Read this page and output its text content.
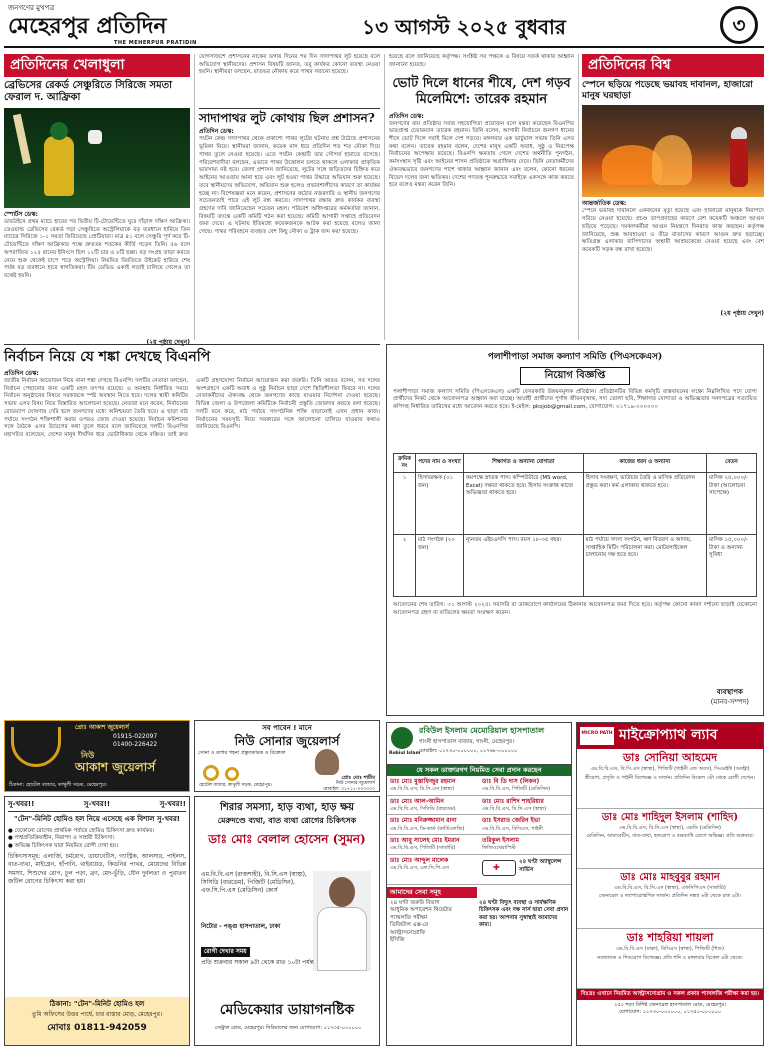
জনগণের মুখপত্র
মেহেরপুর প্রতিদিন
THE MEHERPUR PRATIDIN
১৩ আগস্ট ২০২৫ বুধবার	৩
প্রতিদিনের খেলাধুলা
ব্রেভিসের রেকর্ড সেঞ্চুরিতে সিরিজে সমতা ফেরাল দ. আফ্রিকা
স্পোর্টস ডেস্ক:
ডারউইনে প্রথম ম্যাচে হারের পর দ্বিতীয় টি-টোয়েন্টিতে ঘুরে দাঁড়াল দক্ষিণ আফ্রিকা। ডেওয়াল্ড ব্রেভিসের রেকর্ড গড়া সেঞ্চুরিতে অস্ট্রেলিয়াকে বড় ব্যবধানে হারিয়ে তিন ম্যাচের সিরিজে ১-১ সমতা ফিরিয়েছে প্রোটিয়ারা। মাত্র ৪১ বলে সেঞ্চুরি পূর্ণ করে টি-টোয়েন্টিতে দক্ষিণ আফ্রিকার পক্ষে দ্রুততম শতকের কীর্তি গড়েন তিনি। ৫৬ বলে অপরাজিত ১২৫ রানের ইনিংসে ছিল ১২টি চার ও ৮টি ছক্কা। বড় সংগ্রহ তাড়া করতে নেমে শুরু থেকেই চাপে পড়ে অস্ট্রেলিয়া। নিয়মিত বিরতিতে উইকেট হারিয়ে শেষ পর্যন্ত বড় ব্যবধানে হারে স্বাগতিকরা। টিম ডেভিড একাই লড়াই চালিয়ে গেলেও তা যথেষ্ট হয়নি।
(২য় পৃষ্ঠায় দেখুন)
যোগসাজশে প্রশাসনের নাকের ডগায় দিনের পর দিন সাদাপাথর লুট হয়েছে বলে অভিযোগ স্থানীয়দের। প্রশাসন বিষয়টি জানত, তবু কার্যকর কোনো ব্যবস্থা নেওয়া হয়নি। স্থানীয়রা বলছেন, রাতভর নৌকায় করে পাথর সরানো হয়েছে।
সাদাপাথর লুট কোথায় ছিল প্রশাসন?
প্রতিদিন ডেস্ক:
পর্যটন কেন্দ্র সাদাপাথর থেকে প্রকাশ্যে পাথর লুটের ঘটনায় প্রশ্ন উঠেছে প্রশাসনের ভূমিকা নিয়ে। স্থানীয়রা জানান, কয়েক মাস ধরে প্রতিদিন শত শত নৌকা দিয়ে পাথর তুলে নেওয়া হয়েছে। এতে পর্যটন কেন্দ্রটি তার সৌন্দর্য হারাতে বসেছে। পরিবেশবাদীরা বলছেন, এভাবে পাথর উত্তোলন চলতে থাকলে এলাকার প্রাকৃতিক ভারসাম্য নষ্ট হবে। জেলা প্রশাসন জানিয়েছে, লুটের সঙ্গে জড়িতদের চিহ্নিত করে আইনের আওতায় আনা হবে এবং লুট হওয়া পাথর উদ্ধারে অভিযান শুরু হয়েছে। তবে স্থানীয়দের অভিযোগ, অভিযান শুরু হলেও প্রভাবশালীদের কারণে তা কার্যকর হচ্ছে না। বিশেষজ্ঞরা মনে করেন, প্রশাসনের কঠোর নজরদারি ও স্থানীয় জনগণের সচেতনতাই পারে এই লুট বন্ধ করতে। সাদাপাথর রক্ষায় দ্রুত কার্যকর ব্যবস্থা গ্রহণের দাবি জানিয়েছেন সচেতন মহল। পরিবেশ অধিদপ্তরের কর্মকর্তারা জানান, বিষয়টি তদন্তে একটি কমিটি গঠন করা হয়েছে। কমিটি আগামী সপ্তাহে প্রতিবেদন জমা দেবে। এ ঘটনায় ইতিমধ্যে কয়েকজনকে আটক করা হয়েছে বলেও জানা গেছে। পাথর পরিবহনে ব্যবহৃত বেশ কিছু নৌকা ও ট্রাক জব্দ করা হয়েছে।
হয়েছে বলে জানিয়েছে কর্তৃপক্ষ। সংশ্লিষ্ট সব পক্ষকে এ বিষয়ে সতর্ক থাকার আহ্বান জানানো হয়েছে।
ভোট দিলে ধানের শীষে, দেশ গড়ব মিলেমিশে: তারেক রহমান
প্রতিদিন ডেস্ক:
জনগণের রায় প্রতিষ্ঠায় সবার সহযোগিতা প্রয়োজন বলে মন্তব্য করেছেন বিএনপির ভারপ্রাপ্ত চেয়ারম্যান তারেক রহমান। তিনি বলেন, আগামী নির্বাচনে জনগণ ধানের শীষে ভোট দিলে সবাই মিলে দেশ গড়বে। মঙ্গলবার এক ভার্চুয়াল সভায় তিনি এসব কথা বলেন। তারেক রহমান বলেন, দেশের মানুষ একটি অবাধ, সুষ্ঠু ও নিরপেক্ষ নির্বাচনের অপেক্ষায় রয়েছে। বিএনপি ক্ষমতায় গেলে দেশের অর্থনীতি পুনর্গঠন, কর্মসংস্থান সৃষ্টি এবং আইনের শাসন প্রতিষ্ঠাকে অগ্রাধিকার দেবে। তিনি নেতাকর্মীদের ঐক্যবদ্ধভাবে জনগণের পাশে থাকার আহ্বান জানান এবং বলেন, কোনো ধরনের বিভেদ দলের জন্য ক্ষতিকর। দেশের গণতন্ত্র পুনরুদ্ধারে সবাইকে একসঙ্গে কাজ করতে হবে বলেও মন্তব্য করেন তিনি।
প্রতিদিনের বিশ্ব
স্পেনে ছড়িয়ে পড়েছে ভয়াবহ দাবানল, হাজারো মানুষ ঘরছাড়া
আন্তর্জাতিক ডেস্ক:
স্পেনে ভয়াবহ দাবানলে একজনের মৃত্যু হয়েছে এবং হাজারো মানুষকে নিরাপদে সরিয়ে নেওয়া হয়েছে। প্রচণ্ড তাপপ্রবাহের কারণে বেশ কয়েকটি অঞ্চলে আগুন ছড়িয়ে পড়েছে। দমকলকর্মীরা আগুন নিয়ন্ত্রণে দিনরাত কাজ করছেন। কর্তৃপক্ষ জানিয়েছে, শুষ্ক আবহাওয়া ও তীব্র বাতাসের কারণে আগুন দ্রুত ছড়াচ্ছে। ক্ষতিগ্রস্ত এলাকার বাসিন্দাদের অস্থায়ী আশ্রয়কেন্দ্রে নেওয়া হয়েছে এবং বেশ কয়েকটি সড়ক বন্ধ রাখা হয়েছে।
(২য় পৃষ্ঠায় দেখুন)
নির্বাচন নিয়ে যে শঙ্কা দেখছে বিএনপি
প্রতিদিন ডেস্ক:
জাতীয় নির্বাচন আয়োজন নিয়ে নানা শঙ্কা দেখছে বিএনপি। দলটির নেতারা বলছেন, নির্বাচন পেছানোর জন্য একটি মহল তৎপর রয়েছে। এ অবস্থায় নির্ধারিত সময়ে নির্বাচন অনুষ্ঠানের বিষয়ে সরকারকে স্পষ্ট অবস্থান নিতে হবে। দলের স্থায়ী কমিটির সভায় এসব বিষয় নিয়ে বিস্তারিত আলোচনা হয়েছে। নেতারা মনে করেন, নির্বাচনের রোডম্যাপ ঘোষণায় দেরি হলে জনগণের মধ্যে অনিশ্চয়তা তৈরি হবে। এ ছাড়া মাঠ পর্যায়ে সংগঠন শক্তিশালী করার ওপরও জোর দেওয়া হয়েছে। নির্বাচন কমিশনের সঙ্গে বৈঠকে এসব উদ্বেগের কথা তুলে ধরবে বলে জানিয়েছে দলটি। বিএনপির মহাসচিব বলেছেন, দেশের মানুষ দীর্ঘদিন ধরে ভোটাধিকার থেকে বঞ্চিত। তাই দ্রুত একটি গ্রহণযোগ্য নির্বাচন আয়োজন করা জরুরি। তিনি আরও বলেন, সব দলের অংশগ্রহণে একটি অবাধ ও সুষ্ঠু নির্বাচন ছাড়া দেশে স্থিতিশীলতা ফিরবে না। দলের নেতাকর্মীদের ঐক্যবদ্ধ থেকে জনগণের কাছে যাওয়ার নির্দেশনা দেওয়া হয়েছে। বিভিন্ন জেলা ও উপজেলা কমিটিকে নির্বাচনী প্রস্তুতি জোরদার করতে বলা হয়েছে। দলটি মনে করে, মাঠ পর্যায়ে সাংগঠনিক শক্তি বাড়ানোই এখন প্রধান কাজ। নির্বাচনের সময়সূচি নিয়ে সরকারের সঙ্গে আলোচনা চালিয়ে যাওয়ার কথাও জানিয়েছে বিএনপি।
পলাশীপাড়া সমাজ কল্যাণ সমিতি (পিএসকেএস)
নিয়োগ বিজ্ঞপ্তি
পলাশীপাড়া সমাজ কল্যাণ সমিতি (পিএসকেএস) একটি বেসরকারি উন্নয়নমূলক প্রতিষ্ঠান। প্রতিষ্ঠানটির বিভিন্ন কর্মসূচি বাস্তবায়নের লক্ষ্যে নিম্নলিখিত পদে যোগ্য প্রার্থীদের নিকট থেকে আবেদনপত্র আহ্বান করা যাচ্ছে। আগ্রহী প্রার্থীদের পূর্ণাঙ্গ জীবনবৃত্তান্ত, সদ্য তোলা ছবি, শিক্ষাগত যোগ্যতা ও অভিজ্ঞতার সনদপত্রের সত্যায়িত কপিসহ নির্ধারিত তারিখের মধ্যে আবেদন করতে হবে। ই-মেইল: pksjob@gmail.com, যোগাযোগ: ০১৭১৯-০০০০০০
ক্রমিক নং	পদের নাম ও সংখ্যা	শিক্ষাগত ও অন্যান্য যোগ্যতা	কাজের ধরন ও অন্যান্য	বেতন
১	হিসাবরক্ষক (০১ জন)	কমপক্ষে স্নাতক পাস। কম্পিউটারে (MS word, Excel) দক্ষতা থাকতে হবে। হিসাব সংক্রান্ত কাজে অভিজ্ঞতা থাকতে হবে।	হিসাব সংরক্ষণ, ভাউচার তৈরি ও মাসিক প্রতিবেদন প্রস্তুত করা। কর্ম এলাকায় থাকতে হবে।	মাসিক ২৫,০০০/- টাকা (আলোচনা সাপেক্ষে)
২	মাঠ সংগঠক (২০ জন)	ন্যূনতম এইচএসসি পাস। বয়স ১৮-৩৫ বছর।	মাঠ পর্যায়ে সদস্য সংগঠন, ঋণ বিতরণ ও আদায়, সাপ্তাহিক মিটিং পরিচালনা করা। মোটরসাইকেল চালানোয় দক্ষ হতে হবে।	মাসিক ১৫,০০০/- টাকা ও অন্যান্য সুবিধা
আবেদনের শেষ তারিখ: ৩১ আগস্ট ২০২৫। সরাসরি বা ডাকযোগে কার্যালয়ের ঠিকানায় আবেদনপত্র জমা দিতে হবে। কর্তৃপক্ষ কোনো কারণ দর্শানো ছাড়াই যেকোনো আবেদনপত্র গ্রহণ বা বাতিলের ক্ষমতা সংরক্ষণ করেন।
ব্যবস্থাপক
(মানব-সম্পদ)
প্রোঃ আকাশ জুয়েলার্স
01915-022097
01400-226422
নিউ
আকাশ জুয়েলার্স
ঠিকানা: হোটেল বাজার, কাথুলী সড়ক, মেহেরপুর।
সব পাবেন ! মানে
নিউ সোনার জুয়েলার্স
সোনা ও রূপার গহনা প্রস্তুতকারক ও বিক্রেতা
প্রোঃ মোঃ শামীম
নিউ সোনার জুয়েলার্স
হোটেল বাজার, কাথুলী সড়ক, মেহেরপুর।
মোবাইল: ০১৭১১-০০০০০০
সু-খবর!!	সু-খবর!!	সু-খবর!!
"টেন"-মিনিট হোমিও হল নিয়ে এসেছে এক বিশাল সু-খবর!
● যেকোনো রোগের প্রাথমিক পর্যায়ে হোমিও চিকিৎসা দ্রুত কার্যকর।
● পার্শ্বপ্রতিক্রিয়াহীন, নিরাপদ ও সাশ্রয়ী চিকিৎসা।
● অভিজ্ঞ চিকিৎসক দ্বারা নিয়মিত রোগী দেখা হয়।
চিকিৎসাসমূহ: এলার্জি, চর্মরোগ, ডায়াবেটিস, গ্যাস্ট্রিক, আলসার, পাইলস, বাত-ব্যথা, মাইগ্রেন, হাঁপানি, থাইরয়েড, কিডনির পাথর, মেয়েদের বিভিন্ন সমস্যা, শিশুদের রোগ, চুল পড়া, ব্রণ, মেদ-ভুঁড়ি, যৌন দুর্বলতা ও পুরাতন জটিল রোগের চিকিৎসা করা হয়।
ঠিকানা: "টেন"-মিনিট হোমিও হল
তুমি অফিসের উত্তর পার্শ্বে, চার রাস্তার মোড়, মেহেরপুর।
মোবাঃ 01811-942059
শিরার সমস্যা, হাড় ব্যথা, হাড় ক্ষয়
মেরুদণ্ডে ব্যথা, বাত ব্যথা রোগের চিকিৎসক
ডাঃ মোঃ বেলাল হোসেন (সুমন)
এম.বি.বি.এস (রাজশাহী), বি.সি.এস (স্বাস্থ্য), সিসিডি (বারডেম), পিজিটি (মেডিসিন), এফ.সি.পি.এস (মেডিসিন) কোর্স
নিটোর - পঙ্গু হাসপাতাল, ঢাকা
রোগী দেখার সময়
প্রতি শুক্রবার সকাল ৯টা থেকে রাত ১০টা পর্যন্ত
মেডিকেয়ার ডায়াগনষ্টিক
সেন্ট্রাল রোড, মেহেরপুর। সিরিয়ালের জন্য যোগাযোগ: ০১৭৩৫-০০০০০০
Robiul Islam
রবিউল ইসলাম মেমোরিয়াল হাসপাতাল
গাংনী হাসপাতাল বাজার, গাংনী, মেহেরপুর।
মোবাইল: ০১৭৩০-০০০০০০, ০১৭৬৮-০০০০০০
যে সকল ডাক্তারগণ নিয়মিত সেবা প্রদান করছেন
ডাঃ মোঃ মুস্তাফিজুর রহমান
এম.বি.বি.এস, বি.সি.এস (স্বাস্থ্য)
ডাঃ বি ডি দাস (লিকন)
এম.বি.বি.এস, পিজিটি (মেডিসিন)
ডাঃ মোঃ আল-আমিন
এম.বি.বি.এস, সিসিডি (বারডেম)
ডাঃ মোঃ রাশিদ শাহরিয়ার
এম.বি.বি.এস, বি.সি.এস (স্বাস্থ্য)
ডাঃ মোঃ মনিরুজ্জামান রানা
এম.বি.বি.এস, ডি-কার্ড (কার্ডিওলজি)
ডাঃ ইসরাত জেরিন ইভা
এম.বি.বি.এস, বিসিএস, গাইনী
ডাঃ আবু সালেহ মোঃ ইমরান
এম.বি.বি.এস, পিজিটি (সার্জারি)
তরিকুল ইসলাম
ফিজিওথেরাপিস্ট
ডাঃ মোঃ আব্দুল মালেক
এম.বি.বি.এস, এফ.সি.পি.এস	✚
২৪ ঘণ্টা অ্যাম্বুলেন্স সার্ভিস
আমাদের সেবা সমূহ
২৪ ঘণ্টা জরুরি বিভাগ
আধুনিক অপারেশন থিয়েটার
প্যাথলজি পরীক্ষা
ডিজিটাল এক্স-রে
আল্ট্রাসনোগ্রাফি
ইসিজি
২৪ ঘণ্টা বিদ্যুৎ ব্যবস্থা ও সার্বক্ষণিক চিকিৎসক এবং দক্ষ নার্স দ্বারা সেবা প্রদান করা হয়। আপনার সুস্বাস্থ্যই আমাদের কাম্য।
MICRO PATH মাইক্রোপ্যাথ ল্যাব
ডাঃ সোনিয়া আহমেদ
এম.বি.বি.এস, বি.সি.এস (স্বাস্থ্য), পিজিটি (গাইনী এন্ড অবস), সিএমইউ (আল্ট্রা)
স্ত্রীরোগ, প্রসূতি ও গাইনী বিশেষজ্ঞ ও সার্জন। প্রতিদিন বিকেল ৩টা থেকে রোগী দেখেন।
ডাঃ মোঃ শাহিদুল ইসলাম (শাহিদ)
এম.বি.বি.এস, বি.সি.এস (স্বাস্থ্য), এমডি (মেডিসিন)
মেডিসিন, ডায়াবেটিস, বাত-ব্যথা, হৃদরোগ ও বক্ষব্যাধি রোগে অভিজ্ঞ। প্রতি শুক্রবার।
ডাঃ মোঃ মাহবুবুর রহমান
এম.বি.বি.এস, বি.সি.এস (স্বাস্থ্য), এফসিপিএস (সার্জারি)
জেনারেল ও ল্যাপারোস্কপিক সার্জন। প্রতিদিন সন্ধ্যা ৬টা থেকে রাত ৯টা।
ডাঃ শাহরিয়া শায়লা
এম.বি.বি.এস (ঢাকা), বিসিএস (স্বাস্থ্য), পিজিটি (শিশু)
নবজাতক ও শিশুরোগ বিশেষজ্ঞ। প্রতি শনি ও মঙ্গলবার বিকেল ৪টা থেকে।
বিঃদ্রঃ এখানে নিয়মিত আল্ট্রাসনোগ্রাম ও সকল প্রকার প্যাথলজি পরীক্ষা করা হয়।
২৫০ শয্যা বিশিষ্ট জেনারেল হাসপাতাল রোড, মেহেরপুর।
যোগাযোগ: ০১৭৩০-০০০০০০, ০১৭৫০-০০০০০০
